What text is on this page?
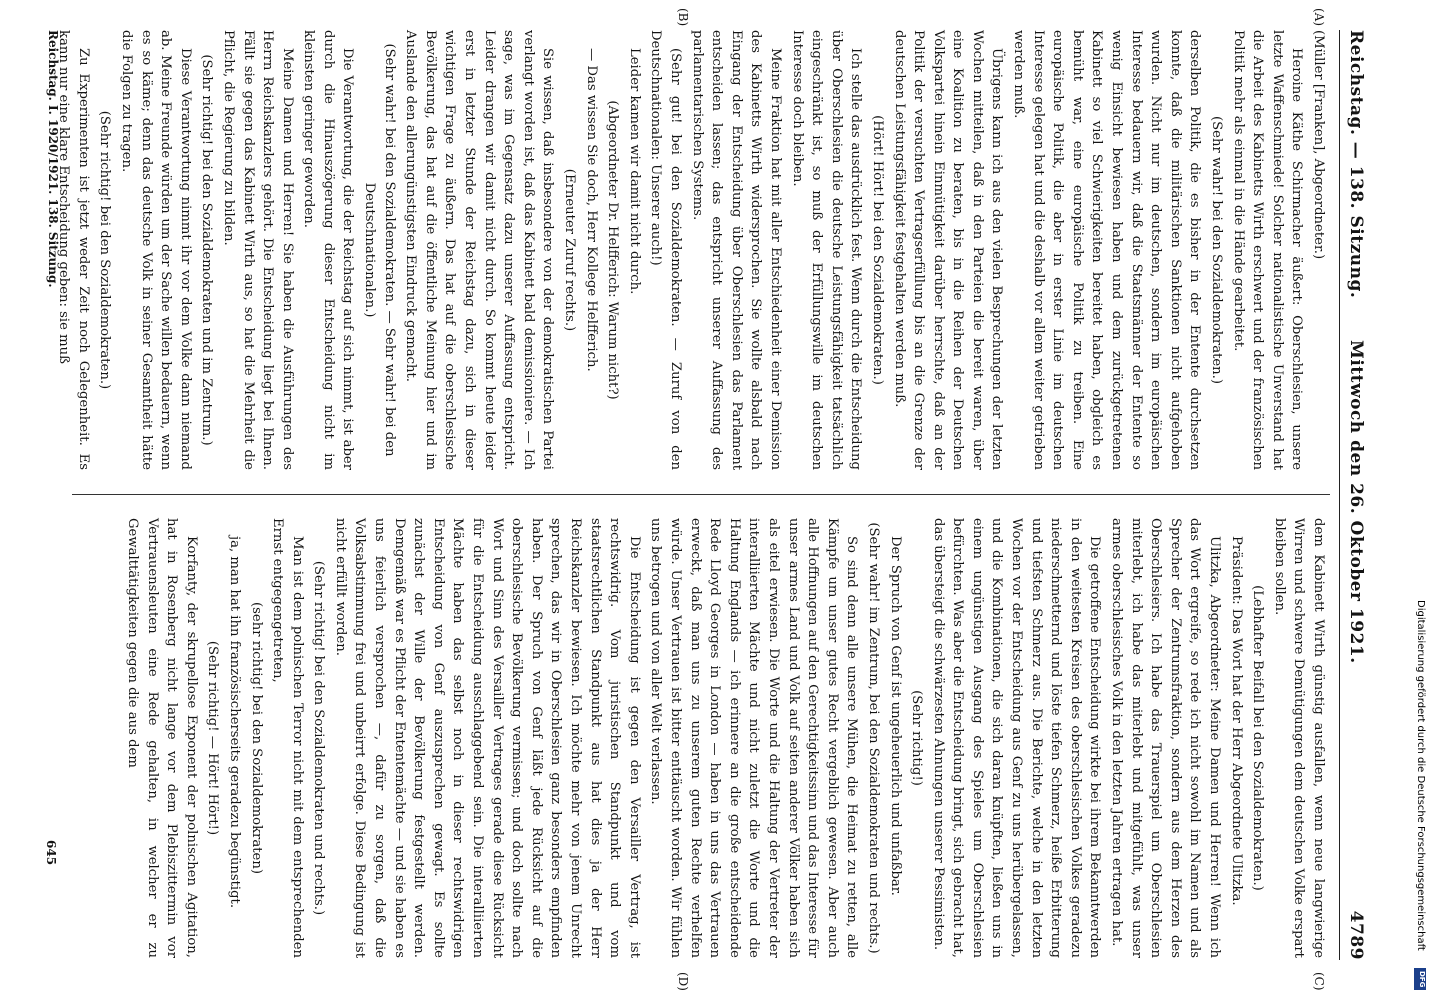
Reichstag. — 138. Sitzung.
Mittwoch den 26. Oktober 1921.
4789

(Müller [Franken], Abgeordneter.)

Heroine Käthe Schirmacher äußert: Oberschlesien, unsere letzte Waffenschmiede! Solcher nationalistische Unverstand hat die Arbeit des Kabinetts Wirth erschwert und der französischen Politik mehr als einmal in die Hände gearbeitet.

(Sehr wahr! bei den Sozialdemokraten.)

derselben Politik, die es bisher in der Entente durchsetzen konnte, daß die militärischen Sanktionen nicht aufgehoben wurden. Nicht nur im deutschen, sondern im europäischen Interesse bedauern wir, daß die Staatsmänner der Entente so wenig Einsicht bewiesen haben und dem zurückgetretenen Kabinett so viel Schwierigkeiten bereitet haben, obgleich es bemüht war, eine europäische Politik zu treiben. Eine europäische Politik, die aber in erster Linie im deutschen Interesse gelegen hat und die deshalb vor allem weiter getrieben werden muß.

Übrigens kann ich aus den vielen Besprechungen der letzten Wochen mitteilen, daß in den Parteien die bereit waren, über eine Koalition zu beraten, bis in die Reihen der Deutschen Volkspartei hinein Einmütigkeit darüber herrschte, daß an der Politik der versuchten Vertragserfüllung bis an die Grenze der deutschen Leistungsfähigkeit festgehalten werden muß.

(Hört! Hört! bei den Sozialdemokraten.)

Ich stelle das ausdrücklich fest. Wenn durch die Entscheidung über Oberschlesien die deutsche Leistungsfähigkeit tatsächlich eingeschränkt ist, so muß der Erfüllungswille im deutschen Interesse doch bleiben.

Meine Fraktion hat mit aller Entschiedenheit einer Demission des Kabinetts Wirth widersprochen. Sie wollte alsbald nach Eingang der Entscheidung über Oberschlesien das Parlament entscheiden lassen; das entspricht unserer Auffassung des parlamentarischen Systems.

(Sehr gut! bei den Sozialdemokraten. — Zuruf von den Deutschnationalen: Unserer auch!)

Leider kamen wir damit nicht durch.

(Abgeordneter Dr. Helfferich: Warum nicht?)

— Das wissen Sie doch, Herr Kollege Helfferich.

(Erneuter Zuruf rechts.)

Sie wissen, daß insbesondere von der demokratischen Partei verlangt worden ist, daß das Kabinett bald demissioniere. — Ich sage, was im Gegensatz dazu unserer Auffassung entspricht. Leider drangen wir damit nicht durch. So kommt heute leider erst in letzter Stunde der Reichstag dazu, sich in dieser wichtigen Frage zu äußern. Das hat auf die oberschlesische Bevölkerung, das hat auf die öffentliche Meinung hier und im Auslande den allerungünstigsten Eindruck gemacht.

(Sehr wahr! bei den Sozialdemokraten. — Sehr wahr! bei den Deutschnationalen.)

Die Verantwortung, die der Reichstag auf sich nimmt, ist aber durch die Hinauszögerung dieser Entscheidung nicht im kleinsten geringer geworden.

Meine Damen und Herren! Sie haben die Ausführungen des Herrn Reichskanzlers gehört. Die Entscheidung liegt bei Ihnen. Fällt sie gegen das Kabinett Wirth aus, so hat die Mehrheit die Pflicht, die Regierung zu bilden.

(Sehr richtig! bei den Sozialdemokraten und im Zentrum.)

Diese Verantwortung nimmt ihr vor dem Volke dann niemand ab. Meine Freunde würden um der Sache willen bedauern, wenn es so käme; denn das deutsche Volk in seiner Gesamtheit hätte die Folgen zu tragen.

(Sehr richtig! bei den Sozialdemokraten.)

Zu Experimenten ist jetzt weder Zeit noch Gelegenheit. Es kann nur eine klare Entscheidung geben: sie muß

dem Kabinett Wirth günstig ausfallen, wenn neue langwierige Wirren und schwere Demütigungen dem deutschen Volke erspart bleiben sollen.

(Lebhafter Beifall bei den Sozialdemokraten.)

Präsident: Das Wort hat der Herr Abgeordnete Ulitzka.

Ulitzka, Abgeordneter: Meine Damen und Herren! Wenn ich das Wort ergreife, so rede ich nicht sowohl im Namen und als Sprecher der Zentrumsfraktion, sondern aus dem Herzen des Oberschlesiers. Ich habe das Trauerspiel um Oberschlesien miterlebt, ich habe das miterlebt und mitgefühlt, was unser armes oberschlesisches Volk in den letzten Jahren ertragen hat.

Die getroffene Entscheidung wirkte bei ihrem Bekanntwerden in den weitesten Kreisen des oberschlesischen Volkes geradezu niederschmetternd und löste tiefen Schmerz, heiße Erbitterung und tiefsten Schmerz aus. Die Berichte, welche in den letzten Wochen vor der Entscheidung aus Genf zu uns herübergelassen, und die Kombinationen, die sich daran knüpften, ließen uns in einem ungünstigen Ausgang des Spieles um Oberschlesien befürchten. Was aber die Entscheidung bringt, sich gebracht hat, das übersteigt die schwärzesten Ahnungen unserer Pessimisten.

(Sehr richtig!)

Der Spruch von Genf ist ungeheuerlich und unfaßbar.

(Sehr wahr! im Zentrum, bei den Sozialdemokraten und rechts.)

So sind denn alle unsere Mühen, die Heimat zu retten, alle Kämpfe um unser gutes Recht vergeblich gewesen. Aber auch alle Hoffnungen auf den Gerechtigkeitssinn und das Interesse für unser armes Land und Volk auf seiten anderer Völker haben sich als eitel erwiesen. Die Worte und die Haltung der Vertreter der interalliierten Mächte und nicht zuletzt die Worte und die Haltung Englands — ich erinnere an die große entscheidende Rede Lloyd Georges in London — haben in uns das Vertrauen erweckt, daß man uns zu unserem guten Rechte verhelfen würde. Unser Vertrauen ist bitter enttäuscht worden. Wir fühlen uns betrogen und von aller Welt verlassen.

Die Entscheidung ist gegen den Versailler Vertrag, ist rechtswidrig. Vom juristischen Standpunkt und vom staatsrechtlichen Standpunkt aus hat dies ja der Herr Reichskanzler bewiesen. Ich möchte mehr von jenem Unrecht sprechen, das wir in Oberschlesien ganz besonders empfinden haben. Der Spruch von Genf läßt jede Rücksicht auf die oberschlesische Bevölkerung vermissen; und doch sollte nach Wort und Sinn des Versailler Vertrages gerade diese Rücksicht für die Entscheidung ausschlaggebend sein. Die interalliierten Mächte haben das selbst noch in dieser rechtswidrigen Entscheidung von Genf auszusprechen gewagt. Es sollte zunächst der Wille der Bevölkerung festgestellt werden. Demgemäß war es Pflicht der Ententemächte — und sie haben es uns feierlich versprochen —, dafür zu sorgen, daß die Volksabstimmung frei und unbeirrt erfolge. Diese Bedingung ist nicht erfüllt worden.

(Sehr richtig! bei den Sozialdemokraten und rechts.)

Man ist dem polnischen Terror nicht mit dem entsprechenden Ernst entgegengetreten,

(sehr richtig! bei den Sozialdemokraten)

ja, man hat ihn französischerseits geradezu begünstigt.

(Sehr richtig! — Hört! Hört!)

Korfanty, der skrupellose Exponent der polnischen Agitation, hat in Rosenberg nicht lange vor dem Plebiszittermin vor Vertrauensleuten eine Rede gehalten, in welcher er zu Gewalttätigkeiten gegen die aus dem

(A)
(B)
(C)
(D)
Reichstag. I. 1920/1921. 138. Sitzung.
645	Digitalisierung gefördert durch die Deutsche Forschungsgemeinschaft
DFG
